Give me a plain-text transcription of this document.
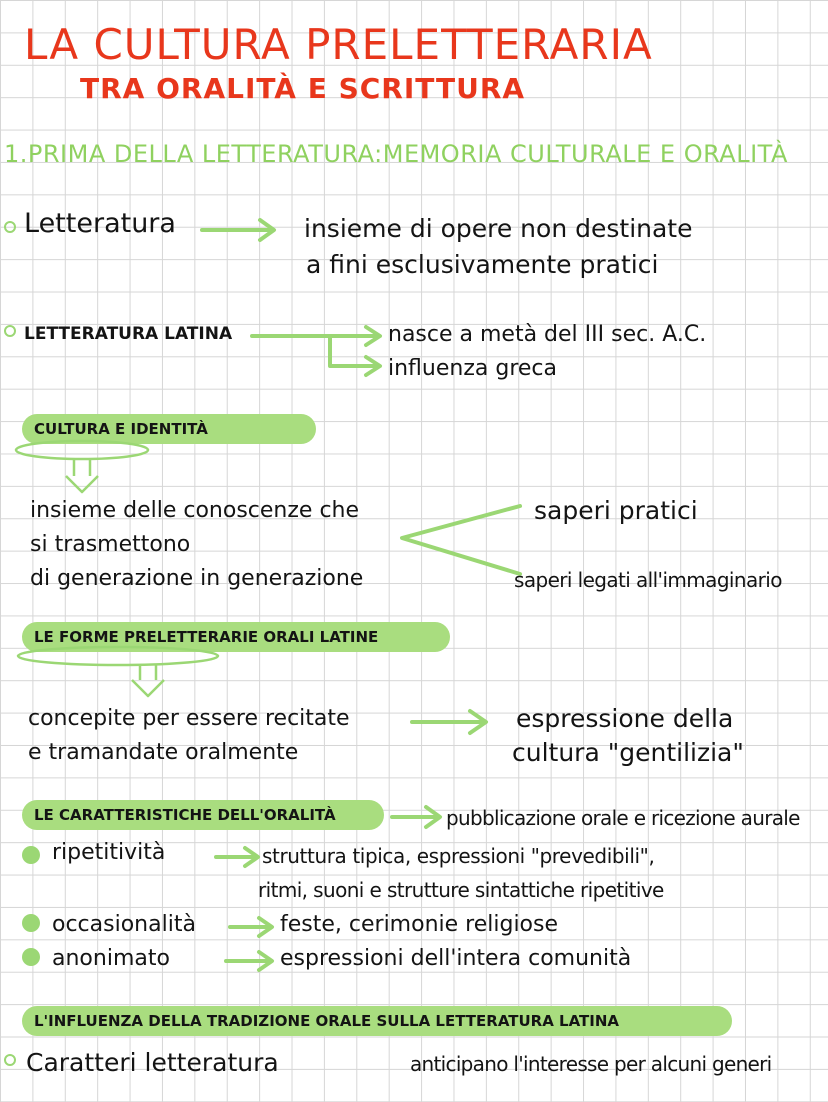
LA CULTURA PRELETTERARIA
TRA ORALITÀ E SCRITTURA
1.PRIMA DELLA LETTERATURA:MEMORIA CULTURALE E ORALITÀ
Letteratura	insieme di opere non destinate
a fini esclusivamente pratici
LETTERATURA LATINA	nasce a metà del III sec. A.C.
influenza greca
CULTURA E IDENTITÀ
insieme delle conoscenze che
si trasmettono
di generazione in generazione
saperi pratici
saperi legati all'immaginario
LE FORME PRELETTERARIE ORALI LATINE
concepite per essere recitate
e tramandate oralmente
espressione della
cultura "gentilizia"
LE CARATTERISTICHE DELL'ORALITÀ	pubblicazione orale e ricezione aurale
ripetitività	struttura tipica, espressioni "prevedibili",
ritmi, suoni e strutture sintattiche ripetitive
occasionalità	feste, cerimonie religiose
anonimato	espressioni dell'intera comunità
L'INFLUENZA DELLA TRADIZIONE ORALE SULLA LETTERATURA LATINA
Caratteri letteratura	anticipano l'interesse per alcuni generi
